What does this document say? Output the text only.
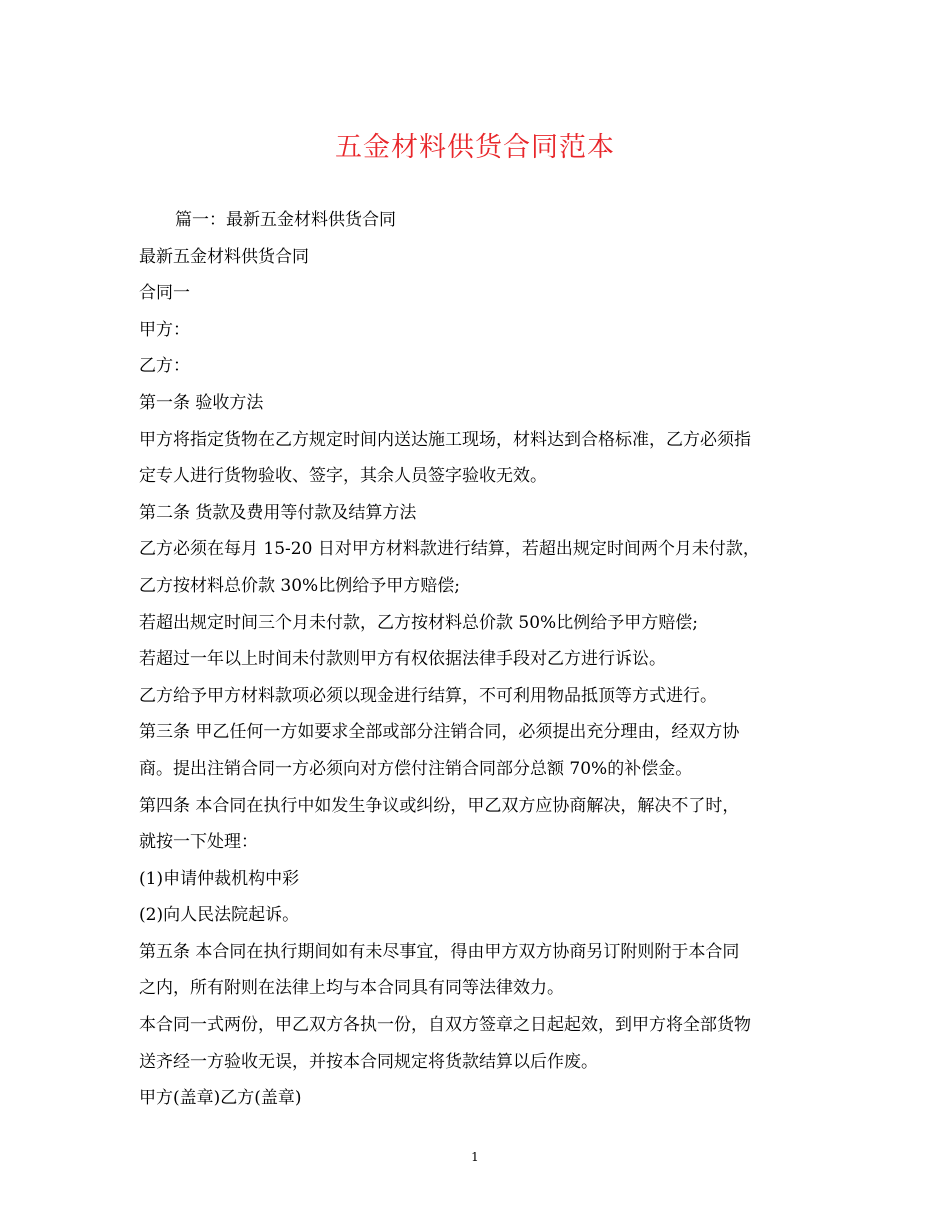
五金材料供货合同范本
篇一：最新五金材料供货合同
最新五金材料供货合同
合同一
甲方：
乙方：
第一条 验收方法
甲方将指定货物在乙方规定时间内送达施工现场，材料达到合格标准，乙方必须指
定专人进行货物验收、签字，其余人员签字验收无效。
第二条 货款及费用等付款及结算方法
乙方必须在每月 15-20 日对甲方材料款进行结算，若超出规定时间两个月未付款，
乙方按材料总价款 30%比例给予甲方赔偿;
若超出规定时间三个月未付款，乙方按材料总价款 50%比例给予甲方赔偿;
若超过一年以上时间未付款则甲方有权依据法律手段对乙方进行诉讼。
乙方给予甲方材料款项必须以现金进行结算，不可利用物品抵顶等方式进行。
第三条 甲乙任何一方如要求全部或部分注销合同，必须提出充分理由，经双方协
商。提出注销合同一方必须向对方偿付注销合同部分总额 70%的补偿金。
第四条 本合同在执行中如发生争议或纠纷，甲乙双方应协商解决，解决不了时，
就按一下处理：
(1)申请仲裁机构中彩
(2)向人民法院起诉。
第五条 本合同在执行期间如有未尽事宜，得由甲方双方协商另订附则附于本合同
之内，所有附则在法律上均与本合同具有同等法律效力。
本合同一式两份，甲乙双方各执一份，自双方签章之日起起效，到甲方将全部货物
送齐经一方验收无误，并按本合同规定将货款结算以后作废。
甲方(盖章)乙方(盖章)
1
